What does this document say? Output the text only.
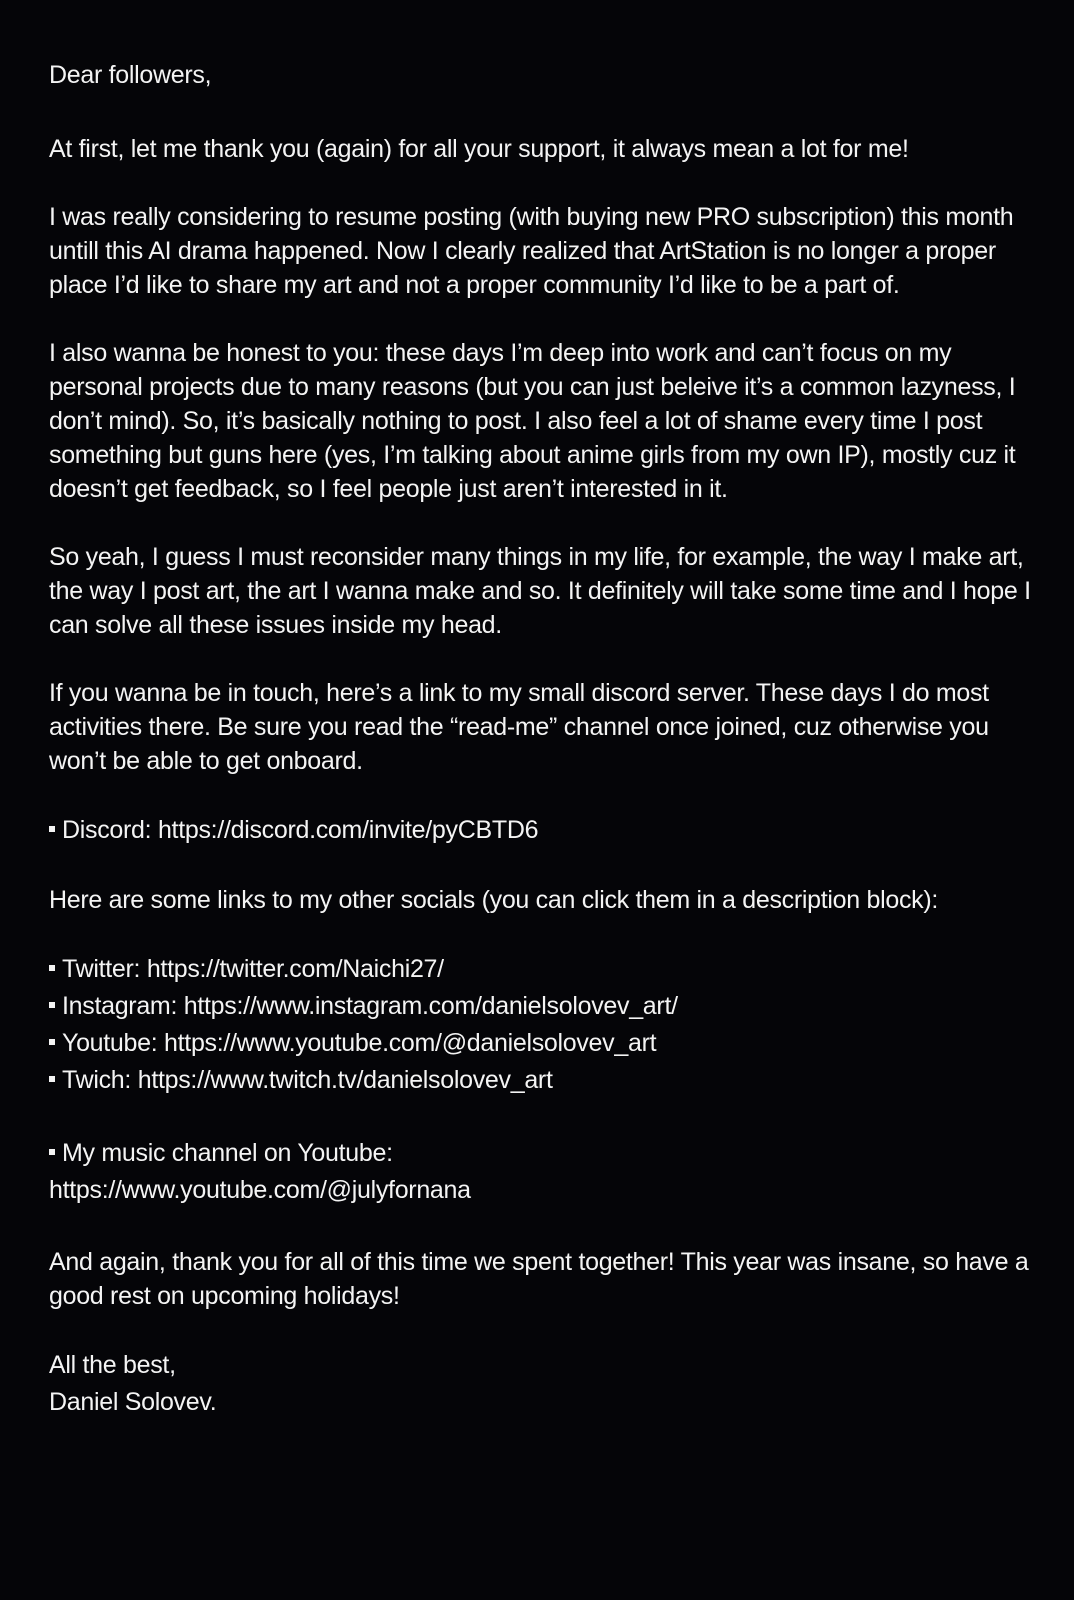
Dear followers,

At first, let me thank you (again) for all your support, it always mean a lot for me!

I was really considering to resume posting (with buying new PRO subscription) this month untill this AI drama happened. Now I clearly realized that ArtStation is no longer a proper place I’d like to share my art and not a proper community I’d like to be a part of.

I also wanna be honest to you: these days I’m deep into work and can’t focus on my personal projects due to many reasons (but you can just beleive it’s a common lazyness, I don’t mind). So, it’s basically nothing to post. I also feel a lot of shame every time I post something but guns here (yes, I’m talking about anime girls from my own IP), mostly cuz it doesn’t get feedback, so I feel people just aren’t interested in it.

So yeah, I guess I must reconsider many things in my life, for example, the way I make art, the way I post art, the art I wanna make and so. It definitely will take some time and I hope I can solve all these issues inside my head.

If you wanna be in touch, here’s a link to my small discord server. These days I do most activities there. Be sure you read the “read-me” channel once joined, cuz otherwise you won’t be able to get onboard.

Discord: https://discord.com/invite/pyCBTD6

Here are some links to my other socials (you can click them in a description block):

Twitter: https://twitter.com/Naichi27/
Instagram: https://www.instagram.com/danielsolovev_art/
Youtube: https://www.youtube.com/@danielsolovev_art
Twich: https://www.twitch.tv/danielsolovev_art
My music channel on Youtube:
https://www.youtube.com/@julyfornana

And again, thank you for all of this time we spent together! This year was insane, so have a good rest on upcoming holidays!

All the best,

Daniel Solovev.
